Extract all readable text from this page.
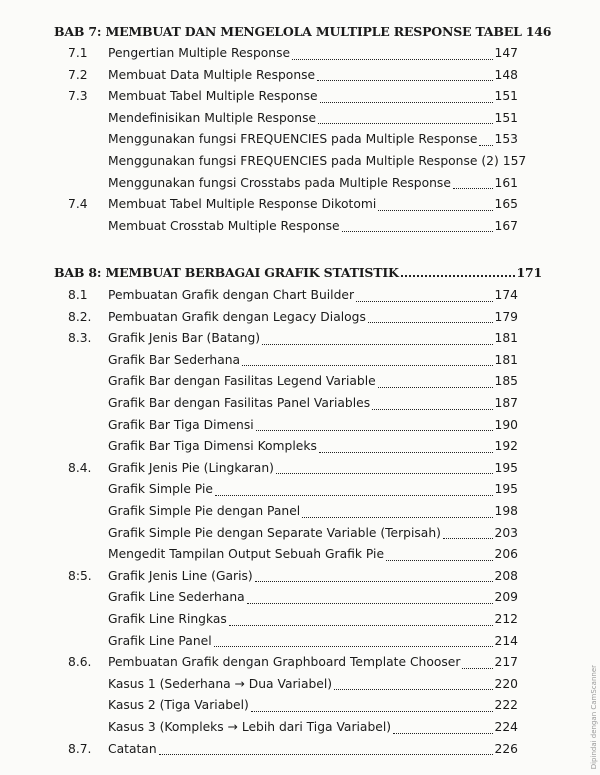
BAB 7: MEMBUAT DAN MENGELOLA MULTIPLE RESPONSE TABEL 146
7.1 Pengertian Multiple Response	147
7.2 Membuat Data Multiple Response	148
7.3 Membuat Tabel Multiple Response	151
Mendefinisikan Multiple Response	151
Menggunakan fungsi FREQUENCIES pada Multiple Response 153
Menggunakan fungsi FREQUENCIES pada Multiple Response (2) 157
Menggunakan fungsi Crosstabs pada Multiple Response	161
7.4 Membuat Tabel Multiple Response Dikotomi	165
Membuat Crosstab Multiple Response	167
BAB 8: MEMBUAT BERBAGAI GRAFIK STATISTIK	171
8.1 Pembuatan Grafik dengan Chart Builder	174
8.2. Pembuatan Grafik dengan Legacy Dialogs	179
8.3. Grafik Jenis Bar (Batang)	181
Grafik Bar Sederhana	181
Grafik Bar dengan Fasilitas Legend Variable	185
Grafik Bar dengan Fasilitas Panel Variables	187
Grafik Bar Tiga Dimensi	190
Grafik Bar Tiga Dimensi Kompleks	192
8.4. Grafik Jenis Pie (Lingkaran)	195
Grafik Simple Pie	195
Grafik Simple Pie dengan Panel	198
Grafik Simple Pie dengan Separate Variable (Terpisah)	203
Mengedit Tampilan Output Sebuah Grafik Pie	206
8:5. Grafik Jenis Line (Garis)	208
Grafik Line Sederhana	209
Grafik Line Ringkas	212
Grafik Line Panel	214
8.6. Pembuatan Grafik dengan Graphboard Template Chooser	217
Kasus 1 (Sederhana → Dua Variabel)	220
Kasus 2 (Tiga Variabel)	222
Kasus 3 (Kompleks → Lebih dari Tiga Variabel)	224
8.7. Catatan	226	Dipindai dengan CamScanner
